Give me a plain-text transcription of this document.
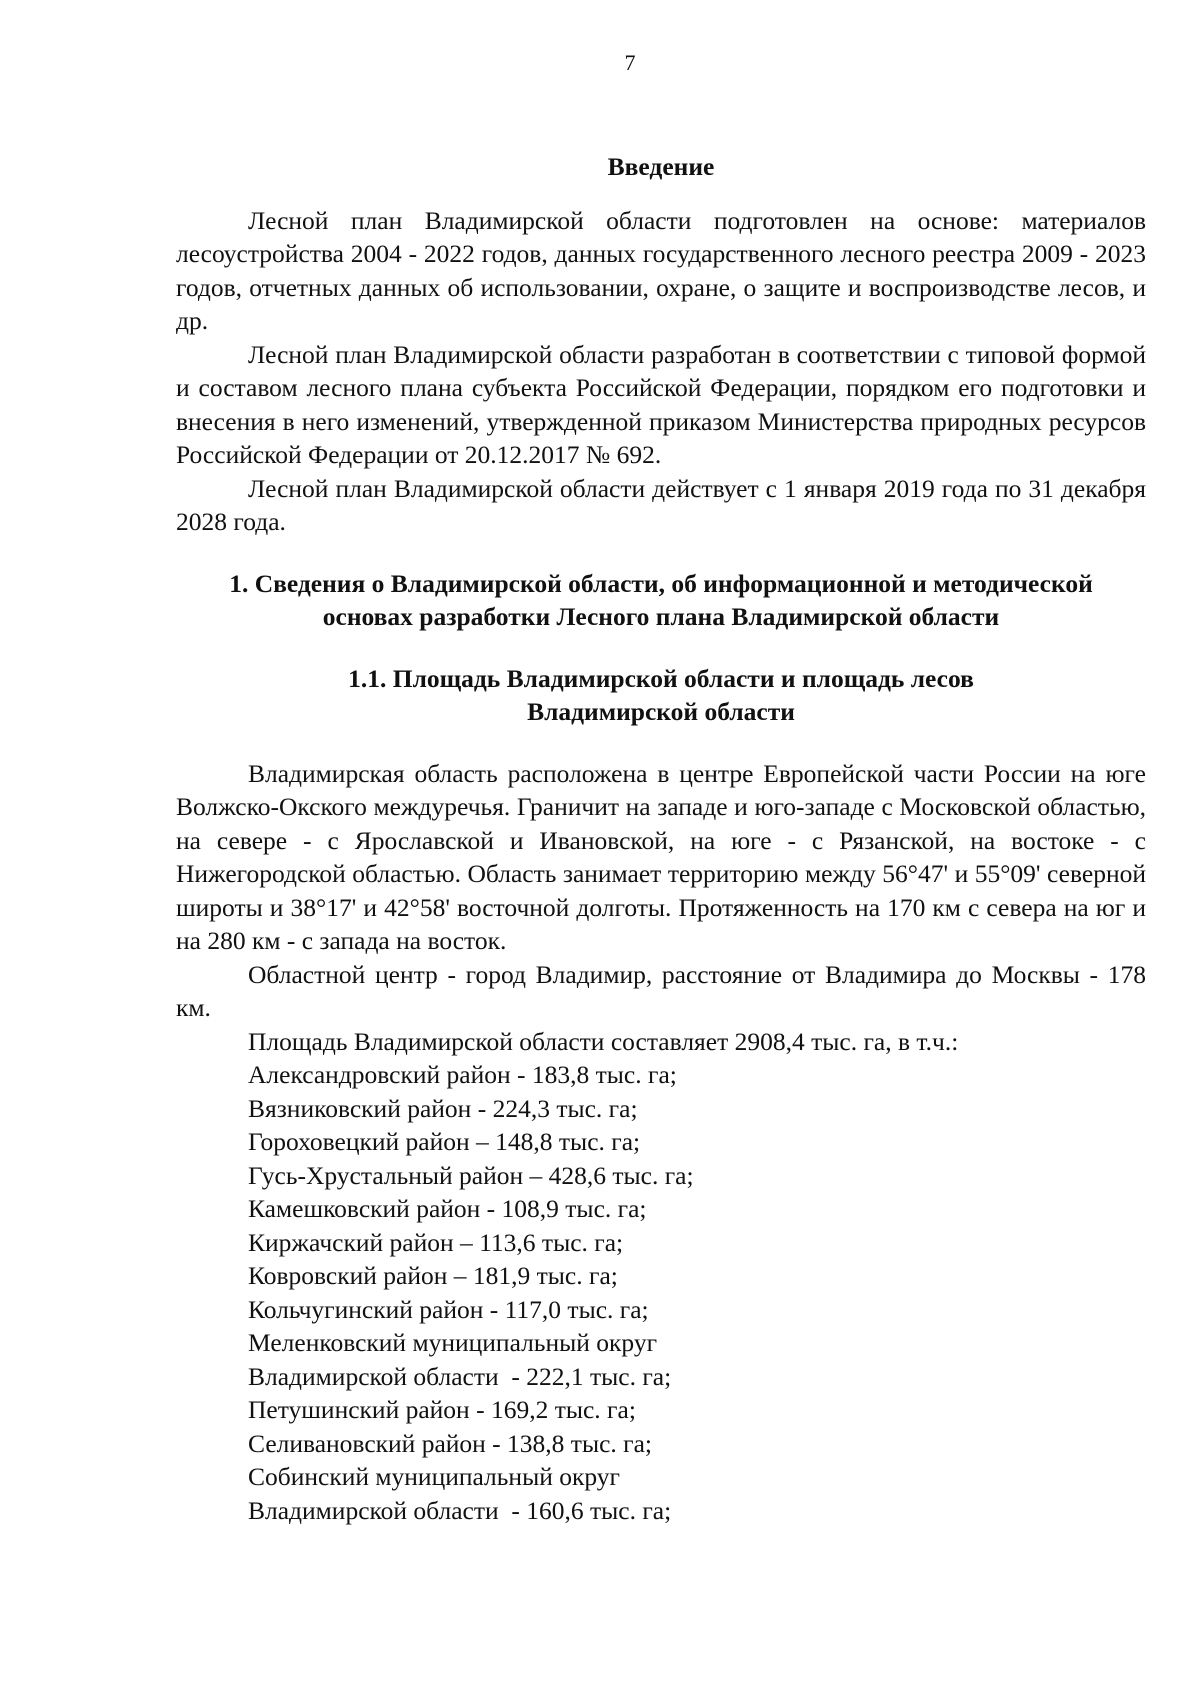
7
Введение

Лесной план Владимирской области подготовлен на основе: материалов лесоустройства 2004 - 2022 годов, данных государственного лесного реестра 2009 - 2023 годов, отчетных данных об использовании, охране, о защите и воспроизводстве лесов, и др.

Лесной план Владимирской области разработан в соответствии с типовой формой и составом лесного плана субъекта Российской Федерации, порядком его подготовки и внесения в него изменений, утвержденной приказом Министерства природных ресурсов Российской Федерации от 20.12.2017 № 692.

Лесной план Владимирской области действует с 1 января 2019 года по 31 декабря 2028 года.

1. Сведения о Владимирской области, об информационной и методической основах разработки Лесного плана Владимирской области
1.1. Площадь Владимирской области и площадь лесов
Владимирской области

Владимирская область расположена в центре Европейской части России на юге Волжско-Окского междуречья. Граничит на западе и юго-западе с Московской областью, на севере - с Ярославской и Ивановской, на юге - с Рязанской, на востоке - с Нижегородской областью. Область занимает территорию между 56°47' и 55°09' северной широты и 38°17' и 42°58' восточной долготы. Протяженность на 170 км с севера на юг и на 280 км - с запада на восток.

Областной центр - город Владимир, расстояние от Владимира до Москвы - 178 км.

Площадь Владимирской области составляет 2908,4 тыс. га, в т.ч.:

Александровский район - 183,8 тыс. га;
Вязниковский район - 224,3 тыс. га;
Гороховецкий район – 148,8 тыс. га;
Гусь-Хрустальный район – 428,6 тыс. га;
Камешковский район - 108,9 тыс. га;
Киржачский район – 113,6 тыс. га;
Ковровский район – 181,9 тыс. га;
Кольчугинский район - 117,0 тыс. га;
Меленковский муниципальный округ
Владимирской области  - 222,1 тыс. га;
Петушинский район - 169,2 тыс. га;
Селивановский район - 138,8 тыс. га;
Собинский муниципальный округ
Владимирской области  - 160,6 тыс. га;
